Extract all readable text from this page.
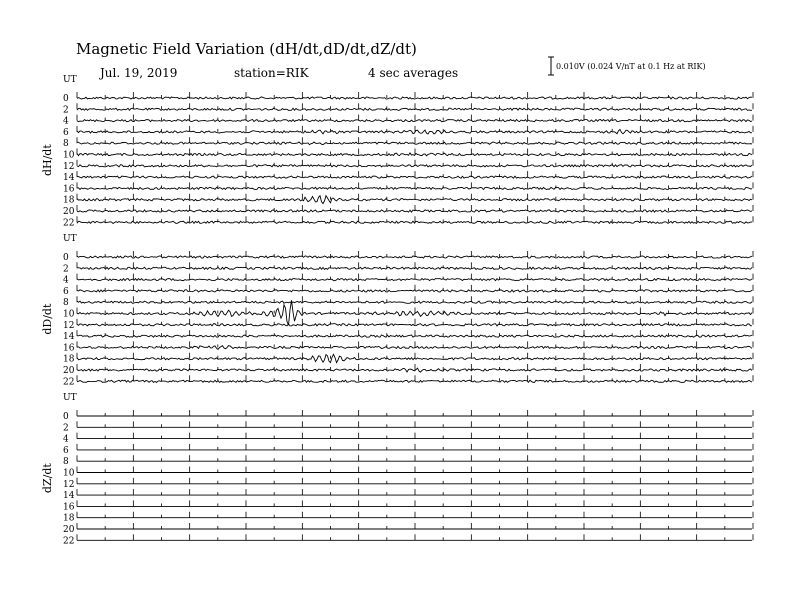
Magnetic Field Variation (dH/dt,dD/dt,dZ/dt)
Jul. 19, 2019	station=RIK	4 sec averages	0.010V (0.024 V/nT at 0.1 Hz at RIK)
UT
dH/dt
0
2
4
6
8
10
12
14
16
18
20
22
UT
dD/dt
0
2
4
6
8
10
12
14
16
18
20
22
UT
dZ/dt
0
2
4
6
8
10
12
14
16
18
20
22
